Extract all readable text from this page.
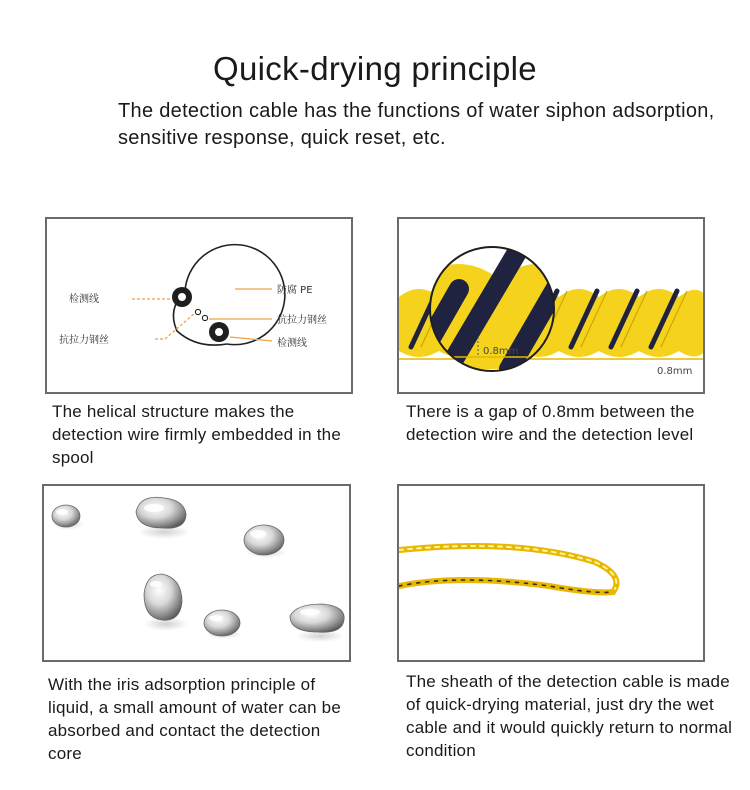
Quick-drying principle
The detection cable has the functions of water siphon adsorption, sensitive response, quick reset, etc.
检测线
抗拉力钢丝
防腐 PE
抗拉力钢丝
检测线
The helical structure makes the detection wire firmly embedded in the spool
0.8mm
0.8mm
There is a gap of 0.8mm between the detection wire and the detection level
With the iris adsorption principle of liquid, a small amount of water can be absorbed and contact the detection core
The sheath of the detection cable is made of quick-drying material, just dry the wet cable and it would quickly return to normal condition
